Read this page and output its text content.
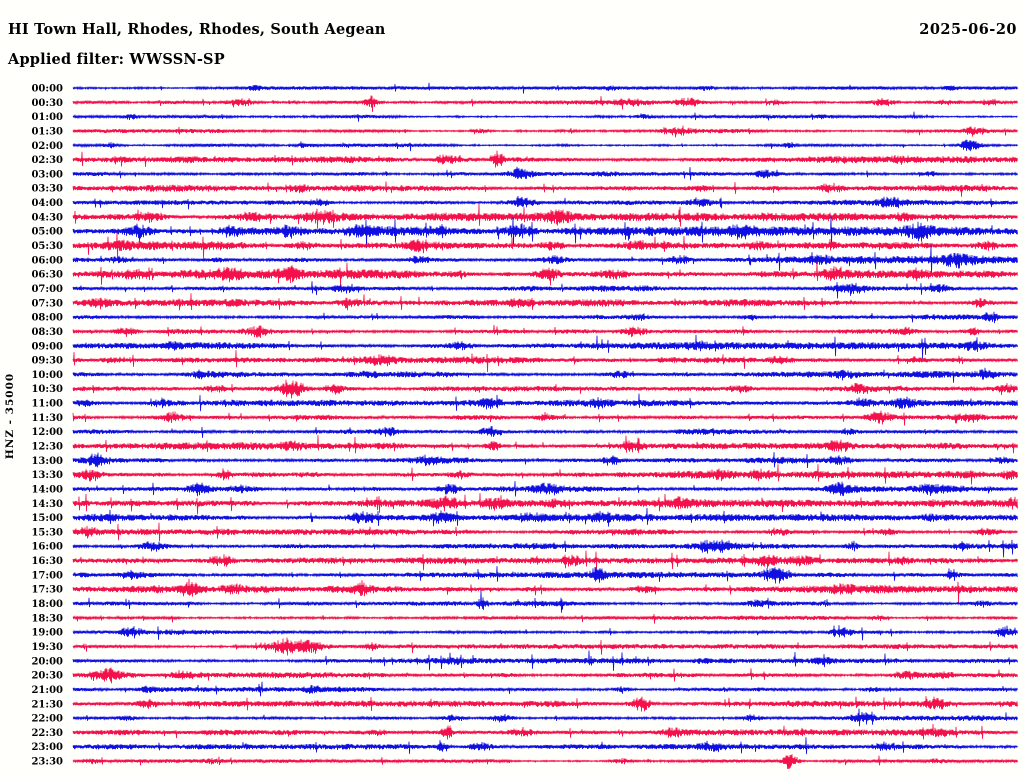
HI Town Hall, Rhodes, Rhodes, South Aegean	2025-06-20
Applied filter: WWSSN-SP
HNZ - 35000
00:00
00:30
01:00
01:30
02:00
02:30
03:00
03:30
04:00
04:30
05:00
05:30
06:00
06:30
07:00
07:30
08:00
08:30
09:00
09:30
10:00
10:30
11:00
11:30
12:00
12:30
13:00
13:30
14:00
14:30
15:00
15:30
16:00
16:30
17:00
17:30
18:00
18:30
19:00
19:30
20:00
20:30
21:00
21:30
22:00
22:30
23:00
23:30
